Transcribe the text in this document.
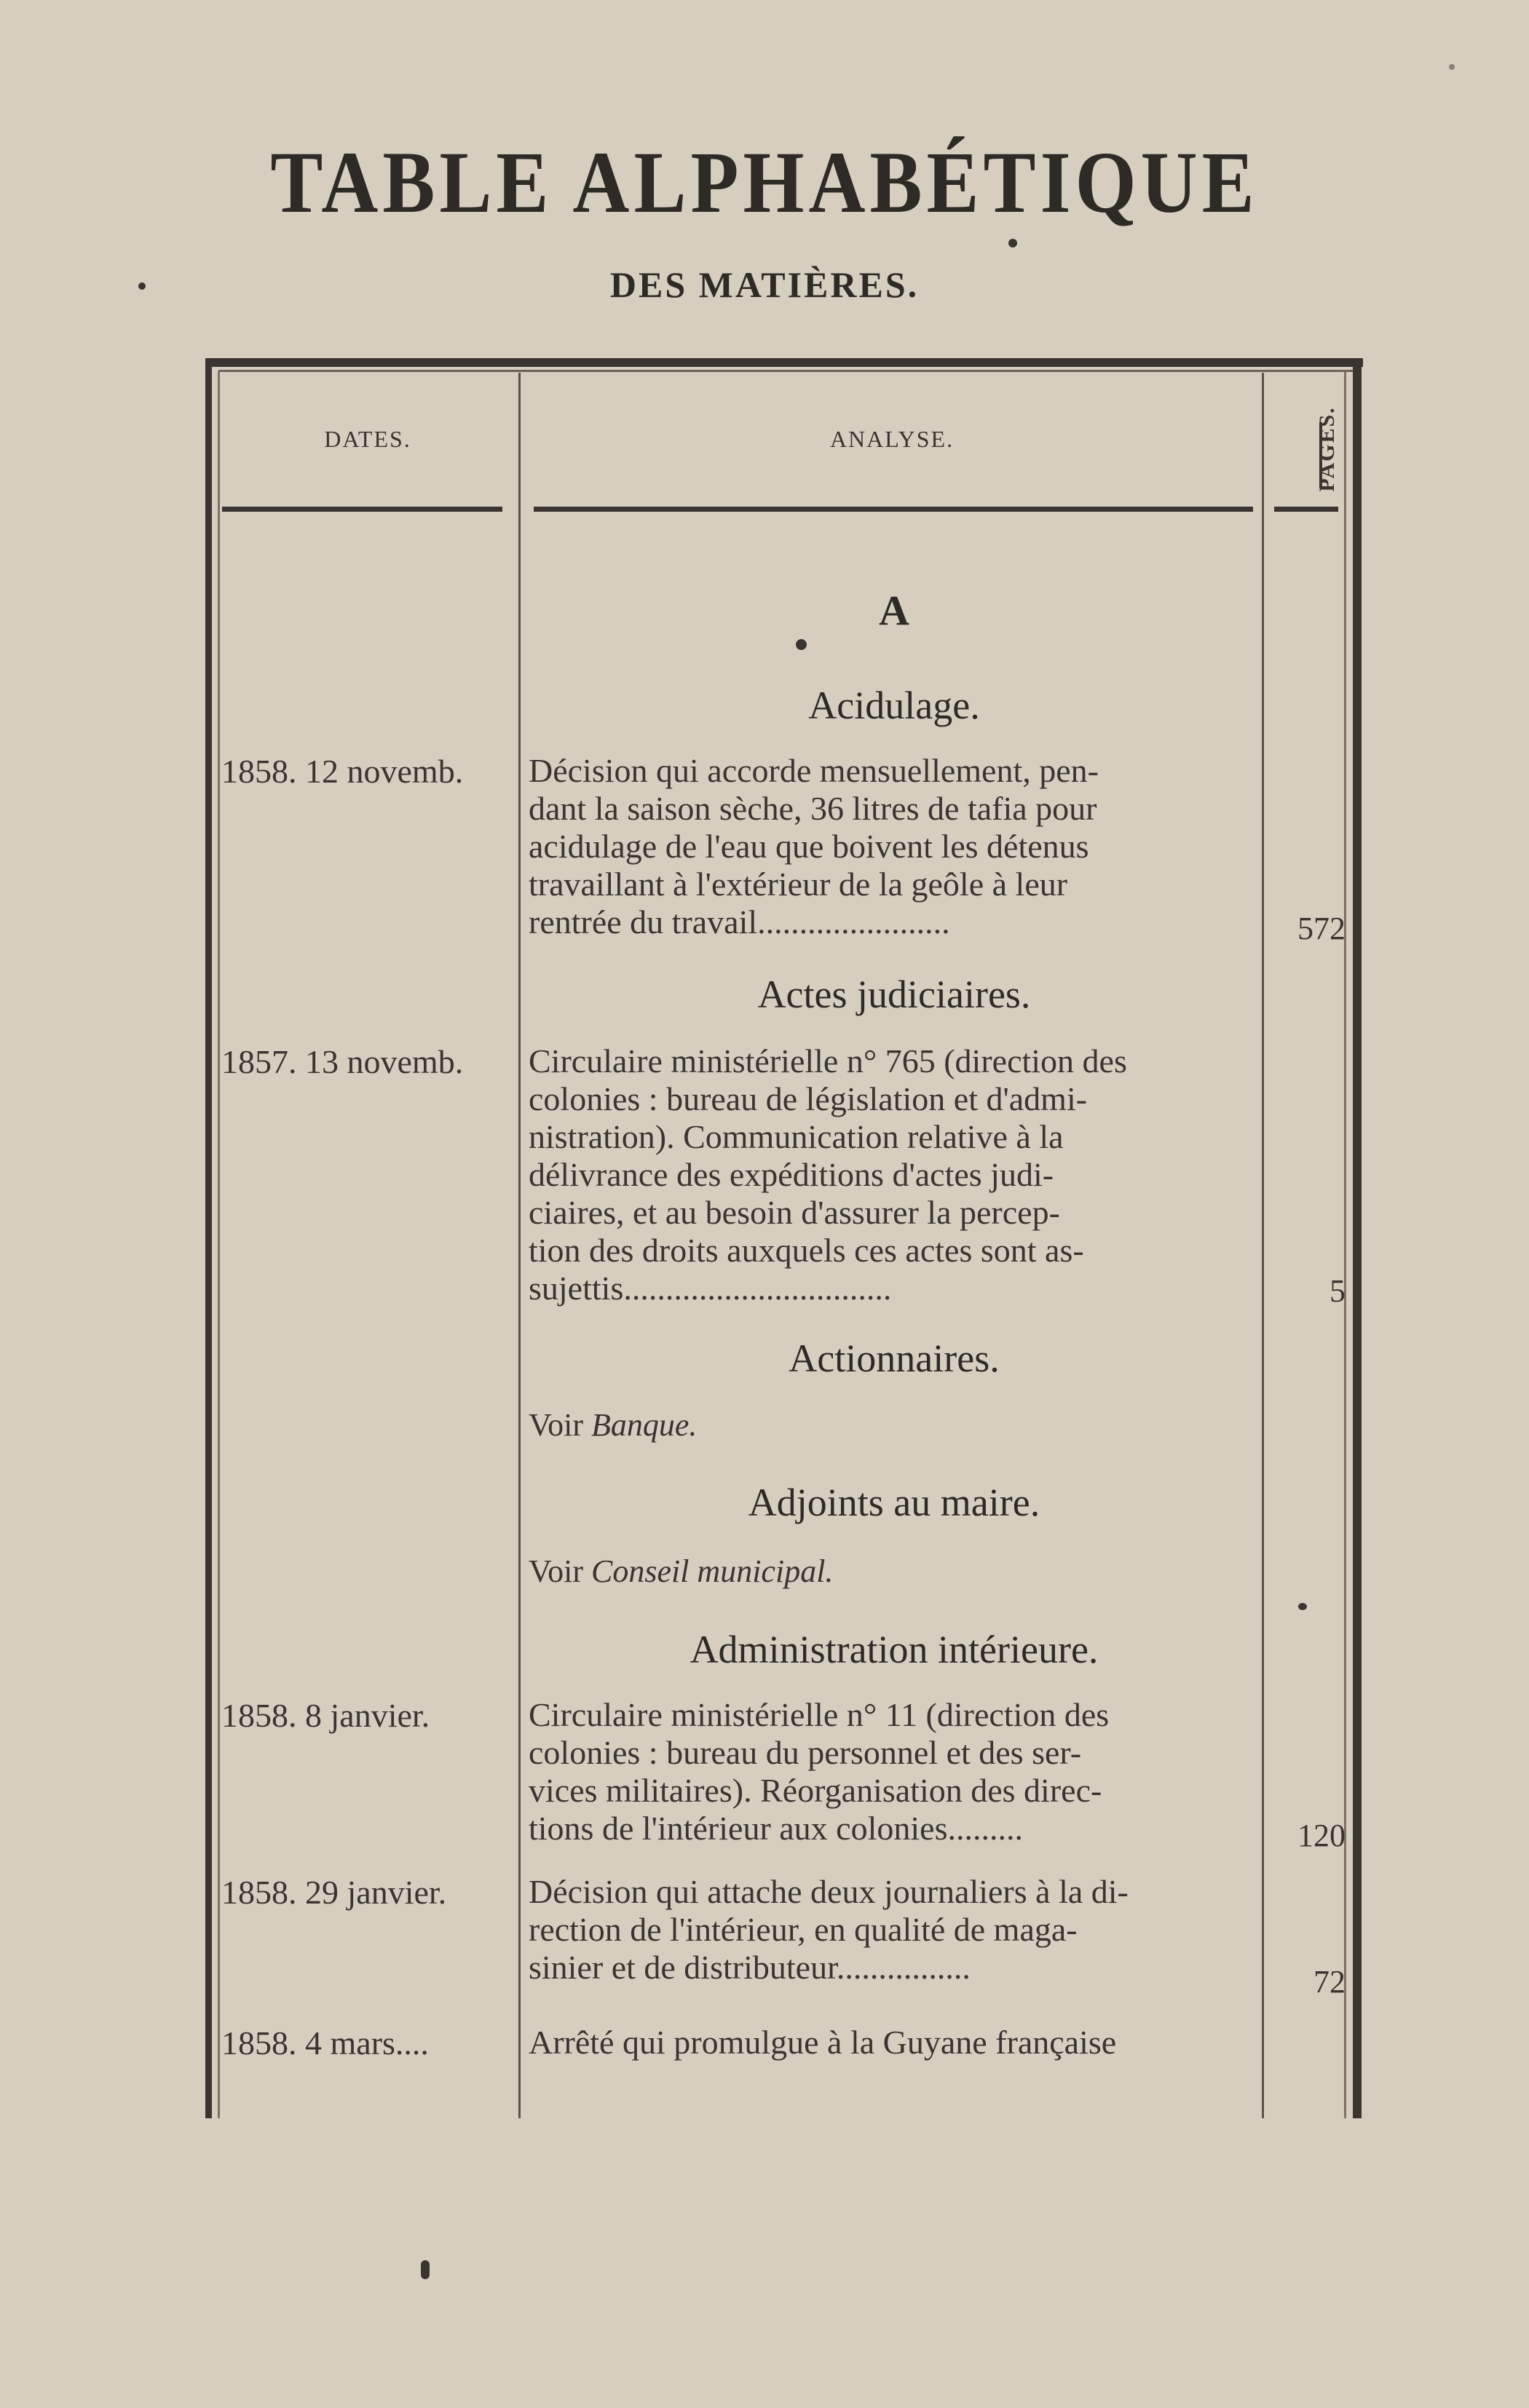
TABLE ALPHABÉTIQUE
DES MATIÈRES.
DATES.	ANALYSE.	PAGES.
A
Acidulage.
1858. 12 novemb.	Décision qui accorde mensuellement, pen-
dant la saison sèche, 36 litres de tafia pour
acidulage de l'eau que boivent les détenus
travaillant à l'extérieur de la geôle à leur
rentrée du travail.......................	572
Actes judiciaires.
1857. 13 novemb.	Circulaire ministérielle n° 765 (direction des
colonies : bureau de législation et d'admi-
nistration). Communication relative à la
délivrance des expéditions d'actes judi-
ciaires, et au besoin d'assurer la percep-
tion des droits auxquels ces actes sont as-
sujettis................................	5
Actionnaires.
Voir Banque.
Adjoints au maire.
Voir Conseil municipal.
Administration intérieure.
1858. 8 janvier.	Circulaire ministérielle n° 11 (direction des
colonies : bureau du personnel et des ser-
vices militaires). Réorganisation des direc-
tions de l'intérieur aux colonies.........	120
1858. 29 janvier.	Décision qui attache deux journaliers à la di-
rection de l'intérieur, en qualité de maga-
sinier et de distributeur................	72
1858. 4 mars....	Arrêté qui promulgue à la Guyane française
